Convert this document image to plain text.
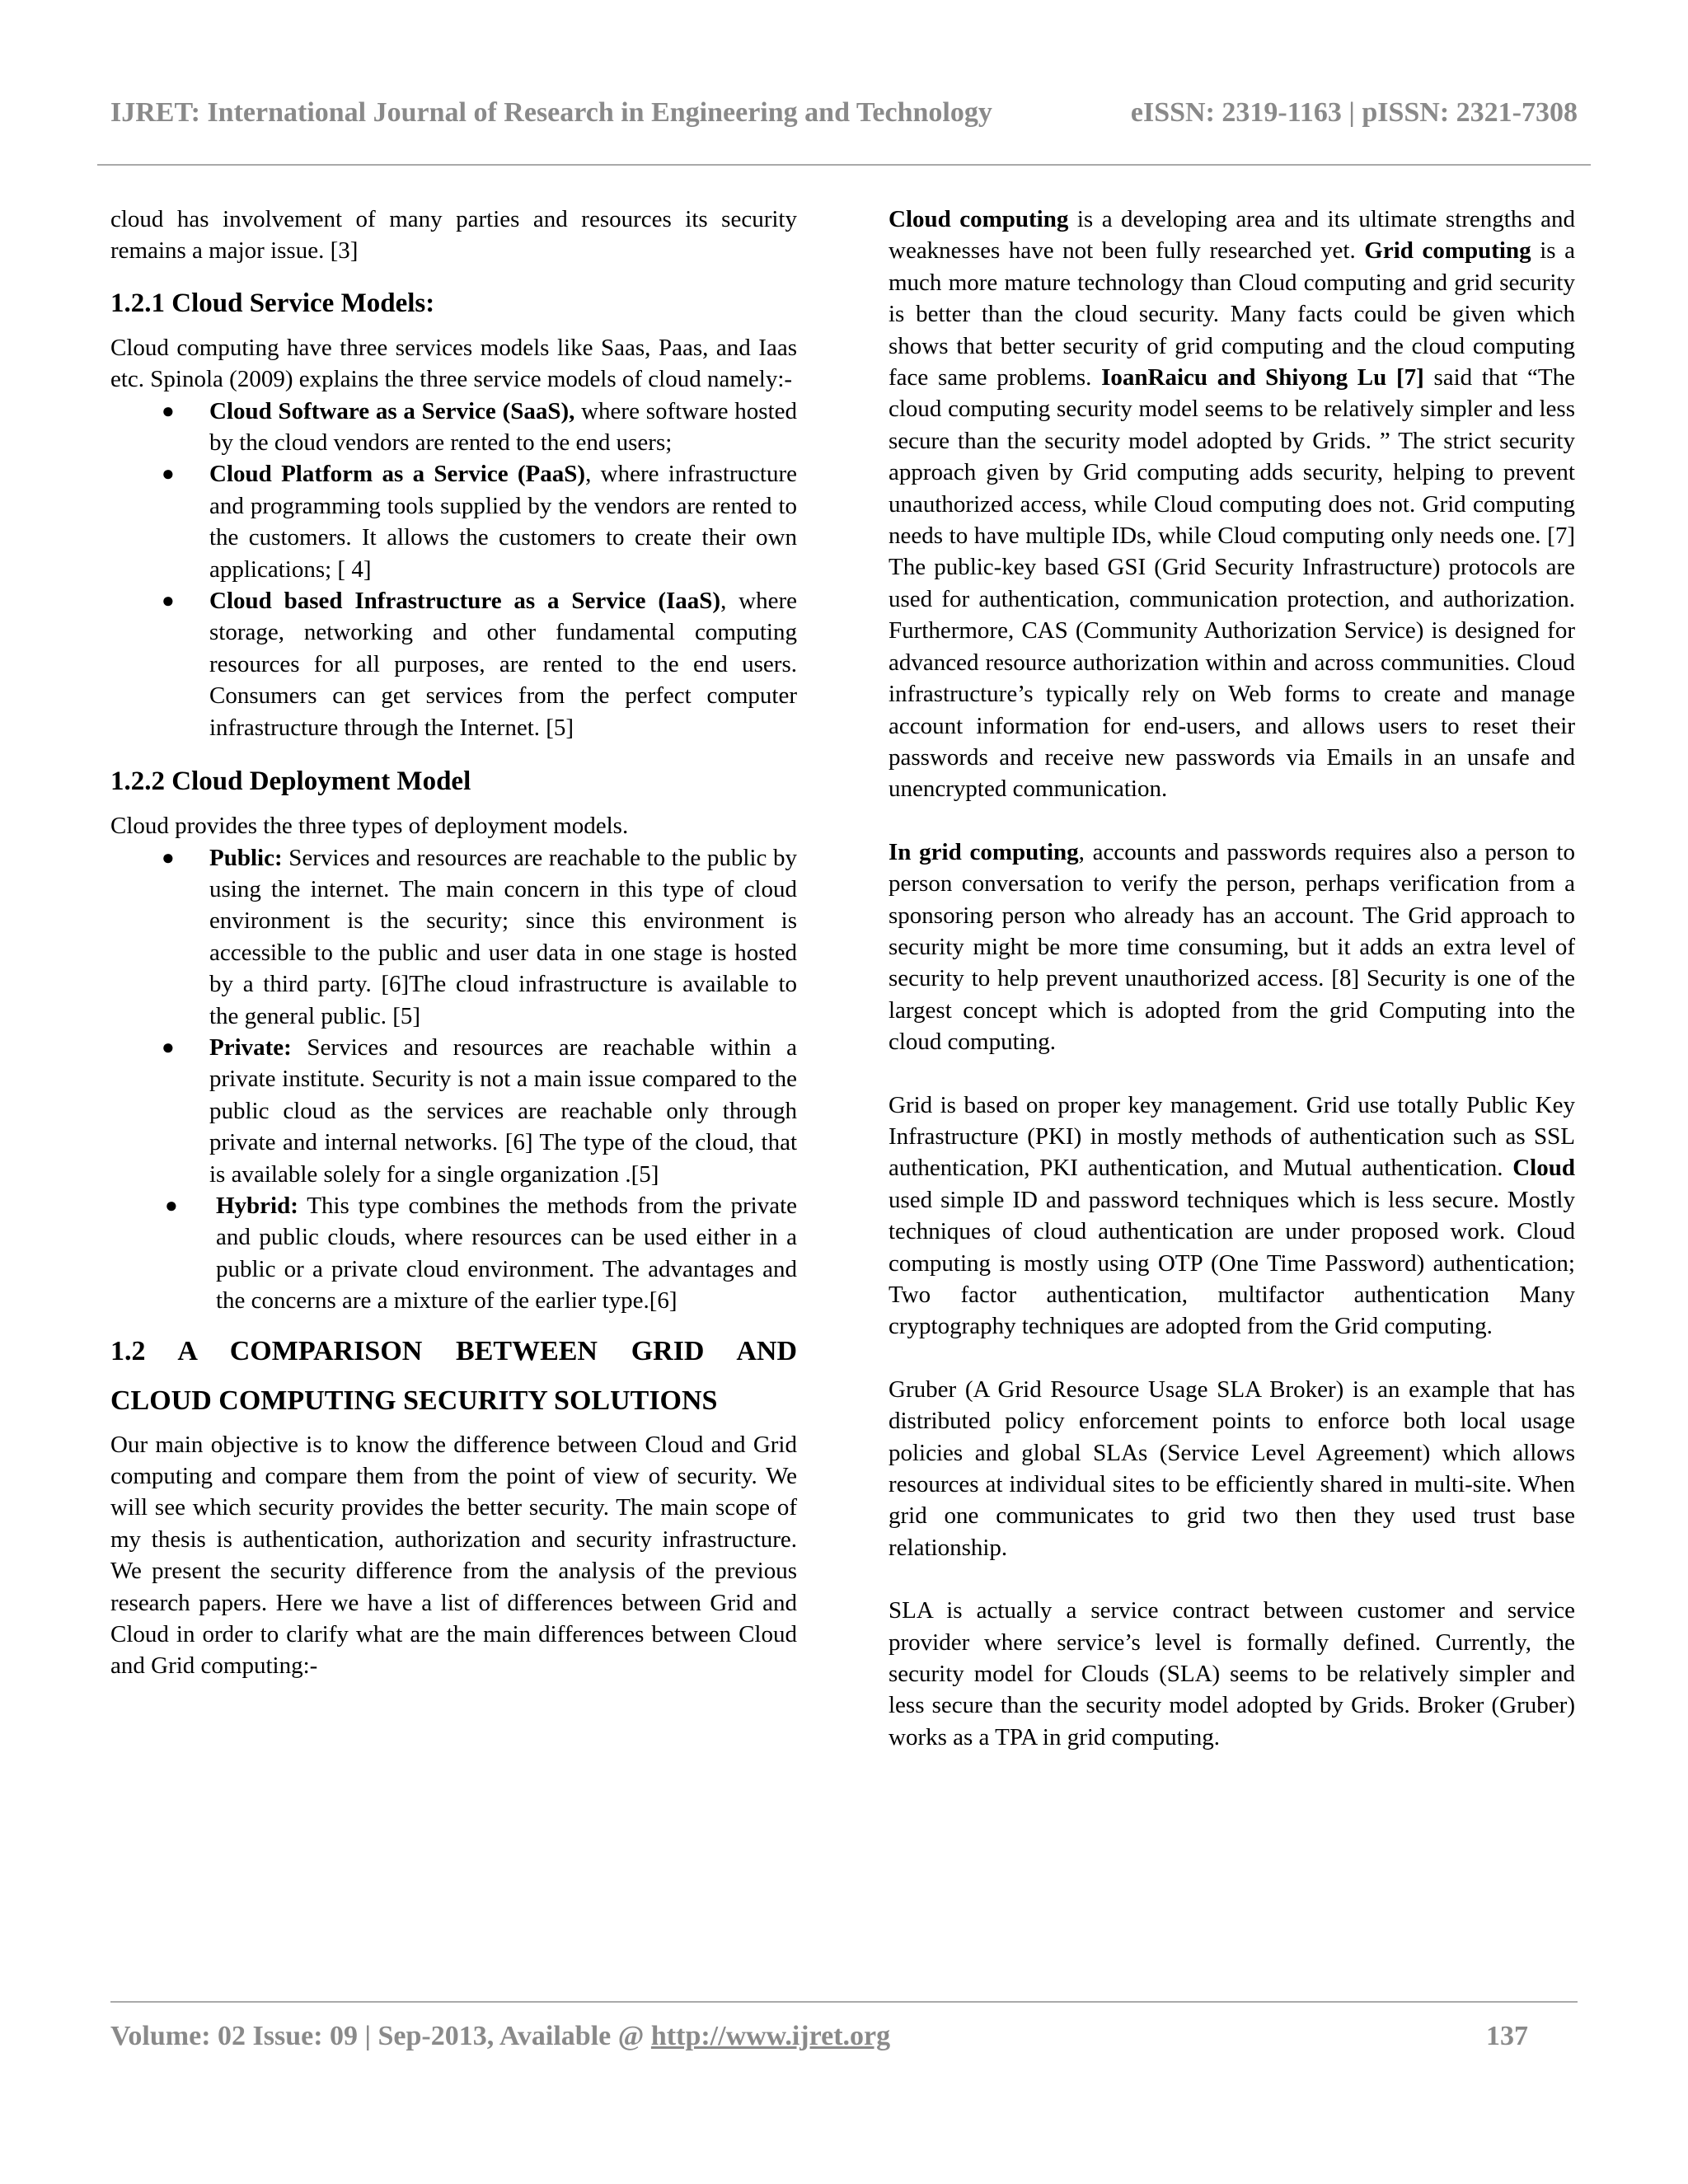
IJRET: International Journal of Research in Engineering and Technology	eISSN: 2319-1163 | pISSN: 2321-7308

cloud has involvement of many parties and resources its security remains a major issue. [3]

1.2.1 Cloud Service Models:

Cloud computing have three services models like Saas, Paas, and Iaas etc. Spinola (2009) explains the three service models of cloud namely:-

● Cloud Software as a Service (SaaS), where software hosted by the cloud vendors are rented to the end users;
● Cloud Platform as a Service (PaaS), where infrastructure and programming tools supplied by the vendors are rented to the customers. It allows the customers to create their own applications; [ 4]
● Cloud based Infrastructure as a Service (IaaS), where storage, networking and other fundamental computing resources for all purposes, are rented to the end users. Consumers can get services from the perfect computer infrastructure through the Internet. [5]
1.2.2 Cloud Deployment Model

Cloud provides the three types of deployment models.

● Public: Services and resources are reachable to the public by using the internet. The main concern in this type of cloud environment is the security; since this environment is accessible to the public and user data in one stage is hosted by a third party. [6]The cloud infrastructure is available to the general public. [5]
● Private: Services and resources are reachable within a private institute. Security is not a main issue compared to the public cloud as the services are reachable only through private and internal networks. [6] The type of the cloud, that is available solely for a single organization .[5]
● Hybrid: This type combines the methods from the private and public clouds, where resources can be used either in a public or a private cloud environment. The advantages and the concerns are a mixture of the earlier type.[6]
1.2 A COMPARISON BETWEEN GRID AND
CLOUD COMPUTING SECURITY SOLUTIONS

Our main objective is to know the difference between Cloud and Grid computing and compare them from the point of view of security. We will see which security provides the better security. The main scope of my thesis is authentication, authorization and security infrastructure. We present the security difference from the analysis of the previous research papers. Here we have a list of differences between Grid and Cloud in order to clarify what are the main differences between Cloud and Grid computing:-

Cloud computing is a developing area and its ultimate strengths and weaknesses have not been fully researched yet. Grid computing is a much more mature technology than Cloud computing and grid security is better than the cloud security. Many facts could be given which shows that better security of grid computing and the cloud computing face same problems. IoanRaicu and Shiyong Lu [7] said that “The cloud computing security model seems to be relatively simpler and less secure than the security model adopted by Grids. ” The strict security approach given by Grid computing adds security, helping to prevent unauthorized access, while Cloud computing does not. Grid computing needs to have multiple IDs, while Cloud computing only needs one. [7] The public-key based GSI (Grid Security Infrastructure) protocols are used for authentication, communication protection, and authorization. Furthermore, CAS (Community Authorization Service) is designed for advanced resource authorization within and across communities. Cloud infrastructure’s typically rely on Web forms to create and manage account information for end-users, and allows users to reset their passwords and receive new passwords via Emails in an unsafe and unencrypted communication.

In grid computing, accounts and passwords requires also a person to person conversation to verify the person, perhaps verification from a sponsoring person who already has an account. The Grid approach to security might be more time consuming, but it adds an extra level of security to help prevent unauthorized access. [8] Security is one of the largest concept which is adopted from the grid Computing into the cloud computing.

Grid is based on proper key management. Grid use totally Public Key Infrastructure (PKI) in mostly methods of authentication such as SSL authentication, PKI authentication, and Mutual authentication. Cloud used simple ID and password techniques which is less secure. Mostly techniques of cloud authentication are under proposed work. Cloud computing is mostly using OTP (One Time Password) authentication; Two factor authentication, multifactor authentication Many cryptography techniques are adopted from the Grid computing.

Gruber (A Grid Resource Usage SLA Broker) is an example that has distributed policy enforcement points to enforce both local usage policies and global SLAs (Service Level Agreement) which allows resources at individual sites to be efficiently shared in multi-site. When grid one communicates to grid two then they used trust base relationship.

SLA is actually a service contract between customer and service provider where service’s level is formally defined. Currently, the security model for Clouds (SLA) seems to be relatively simpler and less secure than the security model adopted by Grids. Broker (Gruber) works as a TPA in grid computing.

Volume: 02 Issue: 09 | Sep-2013, Available @ http://www.ijret.org	137
